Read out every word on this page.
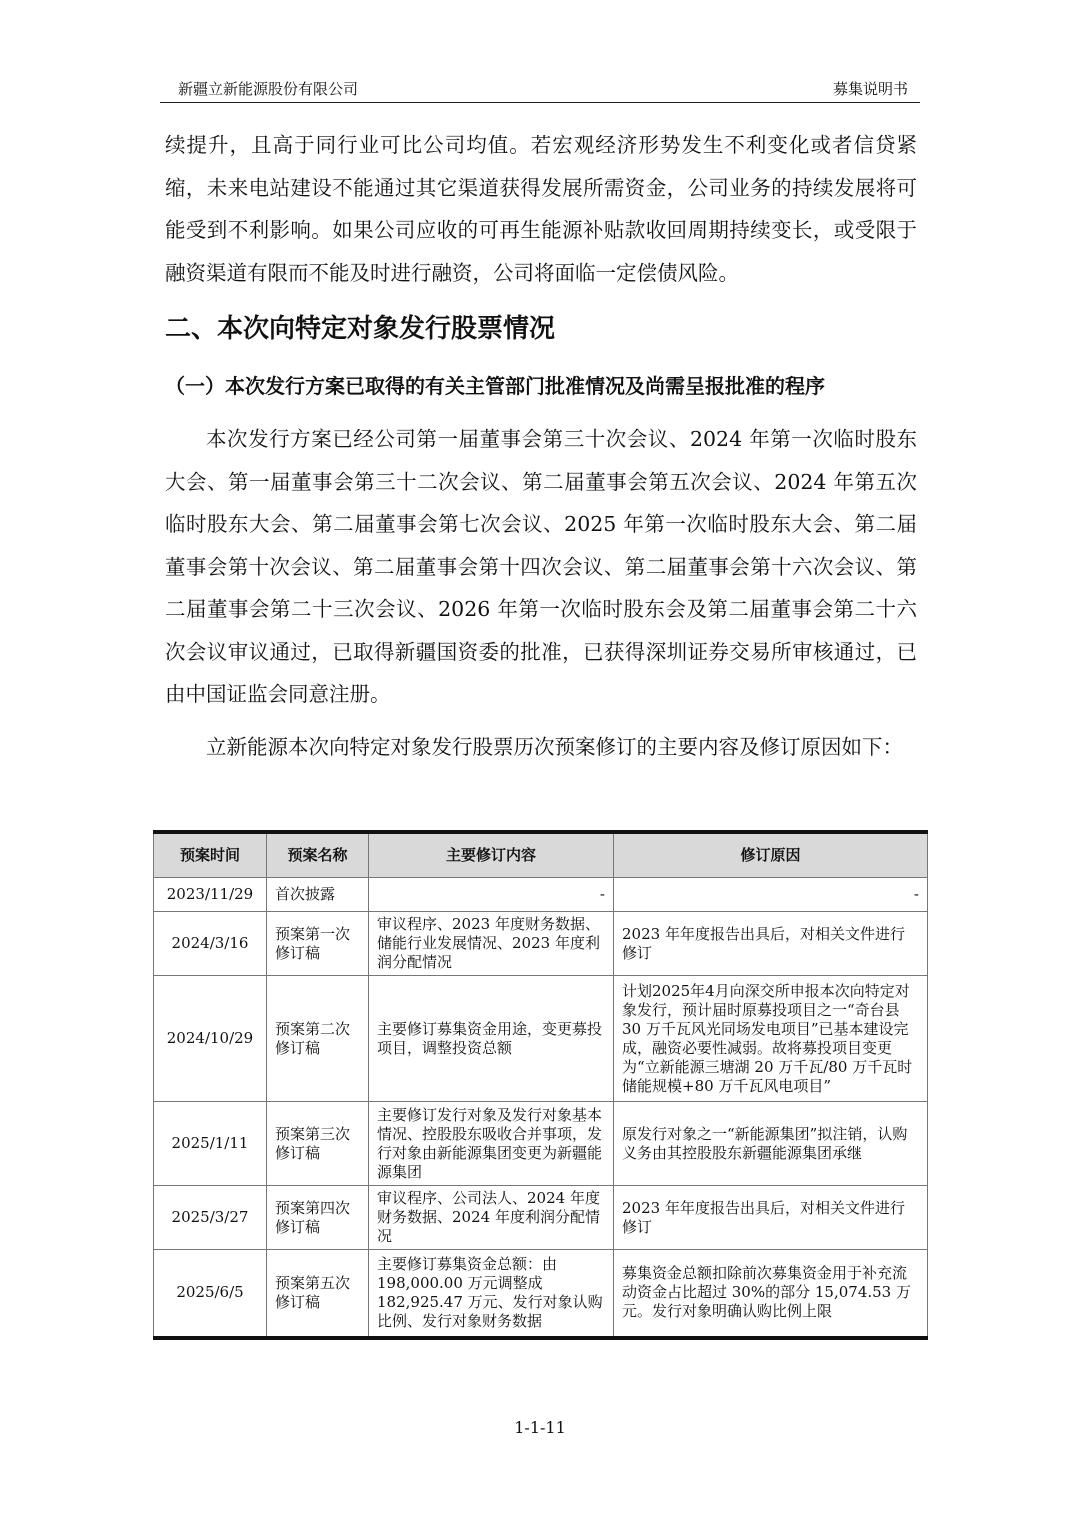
新疆立新能源股份有限公司	募集说明书

续提升，且高于同行业可比公司均值。若宏观经济形势发生不利变化或者信贷紧缩，未来电站建设不能通过其它渠道获得发展所需资金，公司业务的持续发展将可能受到不利影响。如果公司应收的可再生能源补贴款收回周期持续变长，或受限于融资渠道有限而不能及时进行融资，公司将面临一定偿债风险。

二、本次向特定对象发行股票情况
（一）本次发行方案已取得的有关主管部门批准情况及尚需呈报批准的程序

本次发行方案已经公司第一届董事会第三十次会议、2024 年第一次临时股东大会、第一届董事会第三十二次会议、第二届董事会第五次会议、2024 年第五次临时股东大会、第二届董事会第七次会议、2025 年第一次临时股东大会、第二届董事会第十次会议、第二届董事会第十四次会议、第二届董事会第十六次会议、第二届董事会第二十三次会议、2026 年第一次临时股东会及第二届董事会第二十六次会议审议通过，已取得新疆国资委的批准，已获得深圳证券交易所审核通过，已由中国证监会同意注册。

立新能源本次向特定对象发行股票历次预案修订的主要内容及修订原因如下：

预案时间	预案名称	主要修订内容	修订原因
2023/11/29	首次披露	-	-
2024/3/16	预案第一次修订稿	审议程序、2023 年度财务数据、储能行业发展情况、2023 年度利润分配情况	2023 年年度报告出具后，对相关文件进行修订
2024/10/29	预案第二次修订稿	主要修订募集资金用途，变更募投项目，调整投资总额	计划2025年4月向深交所申报本次向特定对象发行，预计届时原募投项目之一“奇台县 30 万千瓦风光同场发电项目”已基本建设完成，融资必要性减弱。故将募投项目变更为“立新能源三塘湖 20 万千瓦/80 万千瓦时储能规模+80 万千瓦风电项目”
2025/1/11	预案第三次修订稿	主要修订发行对象及发行对象基本情况、控股股东吸收合并事项，发行对象由新能源集团变更为新疆能源集团	原发行对象之一“新能源集团”拟注销，认购义务由其控股股东新疆能源集团承继
2025/3/27	预案第四次修订稿	审议程序、公司法人、2024 年度财务数据、2024 年度利润分配情况	2023 年年度报告出具后，对相关文件进行修订
2025/6/5	预案第五次修订稿	主要修订募集资金总额：由 198,000.00 万元调整成 182,925.47 万元、发行对象认购比例、发行对象财务数据	募集资金总额扣除前次募集资金用于补充流动资金占比超过 30%的部分 15,074.53 万元。发行对象明确认购比例上限
1-1-11
